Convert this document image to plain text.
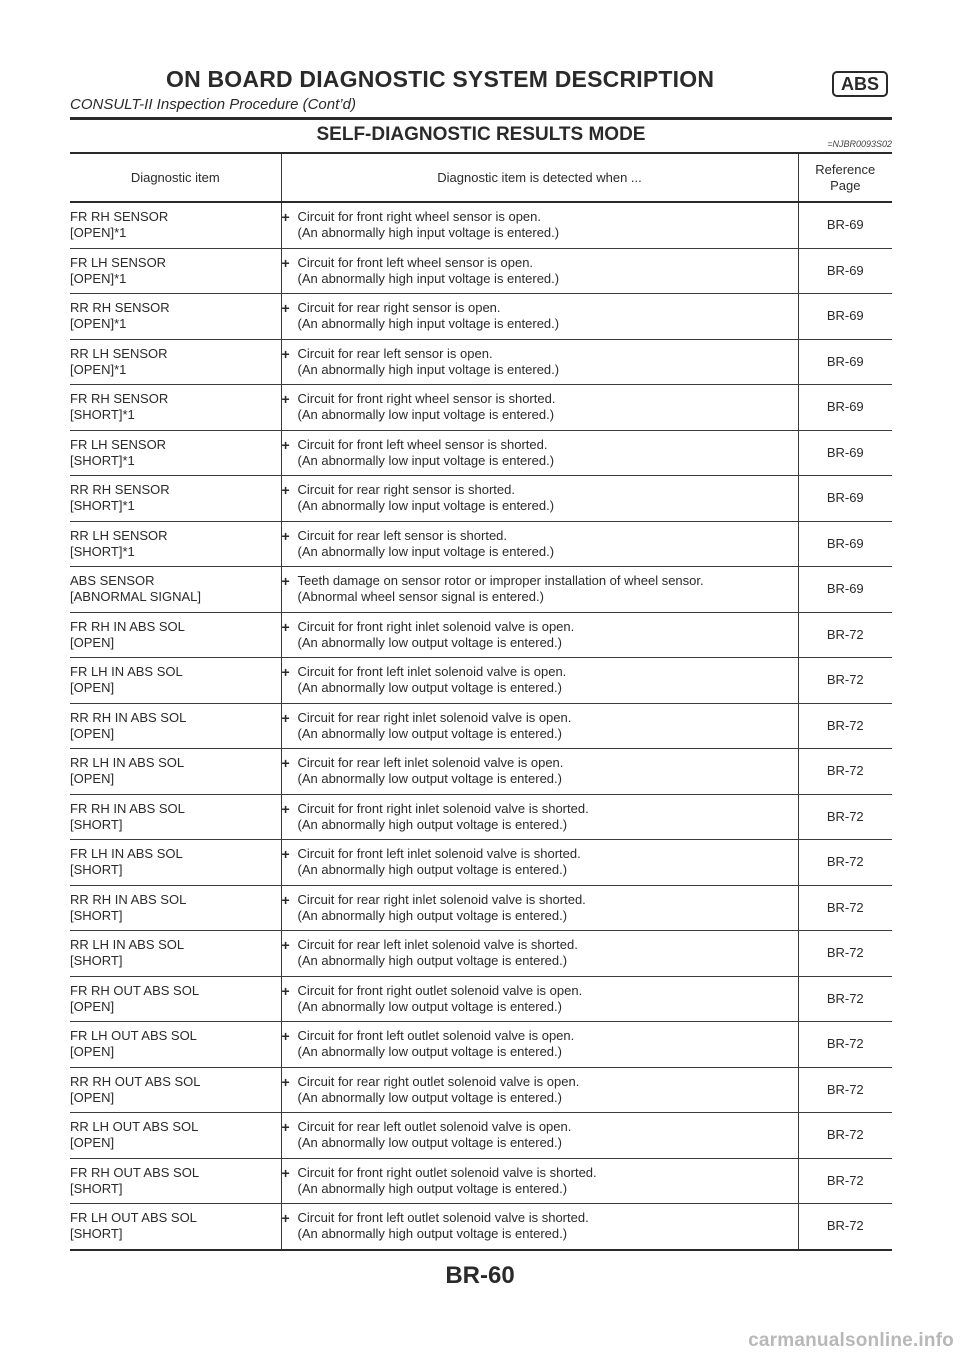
ON BOARD DIAGNOSTIC SYSTEM DESCRIPTION	ABS
CONSULT-II Inspection Procedure (Cont’d)
SELF-DIAGNOSTIC RESULTS MODE	=NJBR0093S02
Diagnostic item	Diagnostic item is detected when ...	Reference
Page

FR RH SENSOR
[OPEN]*1	+ Circuit for front right wheel sensor is open.
(An abnormally high input voltage is entered.)	BR-69

FR LH SENSOR
[OPEN]*1	+ Circuit for front left wheel sensor is open.
(An abnormally high input voltage is entered.)	BR-69

RR RH SENSOR
[OPEN]*1	+ Circuit for rear right sensor is open.
(An abnormally high input voltage is entered.)	BR-69

RR LH SENSOR
[OPEN]*1	+ Circuit for rear left sensor is open.
(An abnormally high input voltage is entered.)	BR-69

FR RH SENSOR
[SHORT]*1	+ Circuit for front right wheel sensor is shorted.
(An abnormally low input voltage is entered.)	BR-69

FR LH SENSOR
[SHORT]*1	+ Circuit for front left wheel sensor is shorted.
(An abnormally low input voltage is entered.)	BR-69

RR RH SENSOR
[SHORT]*1	+ Circuit for rear right sensor is shorted.
(An abnormally low input voltage is entered.)	BR-69

RR LH SENSOR
[SHORT]*1	+ Circuit for rear left sensor is shorted.
(An abnormally low input voltage is entered.)	BR-69

ABS SENSOR
[ABNORMAL SIGNAL]	+ Teeth damage on sensor rotor or improper installation of wheel sensor.
(Abnormal wheel sensor signal is entered.)	BR-69

FR RH IN ABS SOL
[OPEN]	+ Circuit for front right inlet solenoid valve is open.
(An abnormally low output voltage is entered.)	BR-72

FR LH IN ABS SOL
[OPEN]	+ Circuit for front left inlet solenoid valve is open.
(An abnormally low output voltage is entered.)	BR-72

RR RH IN ABS SOL
[OPEN]	+ Circuit for rear right inlet solenoid valve is open.
(An abnormally low output voltage is entered.)	BR-72

RR LH IN ABS SOL
[OPEN]	+ Circuit for rear left inlet solenoid valve is open.
(An abnormally low output voltage is entered.)	BR-72

FR RH IN ABS SOL
[SHORT]	+ Circuit for front right inlet solenoid valve is shorted.
(An abnormally high output voltage is entered.)	BR-72

FR LH IN ABS SOL
[SHORT]	+ Circuit for front left inlet solenoid valve is shorted.
(An abnormally high output voltage is entered.)	BR-72

RR RH IN ABS SOL
[SHORT]	+ Circuit for rear right inlet solenoid valve is shorted.
(An abnormally high output voltage is entered.)	BR-72

RR LH IN ABS SOL
[SHORT]	+ Circuit for rear left inlet solenoid valve is shorted.
(An abnormally high output voltage is entered.)	BR-72

FR RH OUT ABS SOL
[OPEN]	+ Circuit for front right outlet solenoid valve is open.
(An abnormally low output voltage is entered.)	BR-72

FR LH OUT ABS SOL
[OPEN]	+ Circuit for front left outlet solenoid valve is open.
(An abnormally low output voltage is entered.)	BR-72

RR RH OUT ABS SOL
[OPEN]	+ Circuit for rear right outlet solenoid valve is open.
(An abnormally low output voltage is entered.)	BR-72

RR LH OUT ABS SOL
[OPEN]	+ Circuit for rear left outlet solenoid valve is open.
(An abnormally low output voltage is entered.)	BR-72

FR RH OUT ABS SOL
[SHORT]	+ Circuit for front right outlet solenoid valve is shorted.
(An abnormally high output voltage is entered.)	BR-72

FR LH OUT ABS SOL
[SHORT]	+ Circuit for front left outlet solenoid valve is shorted.
(An abnormally high output voltage is entered.)	BR-72
BR-60
carmanualsonline.info
